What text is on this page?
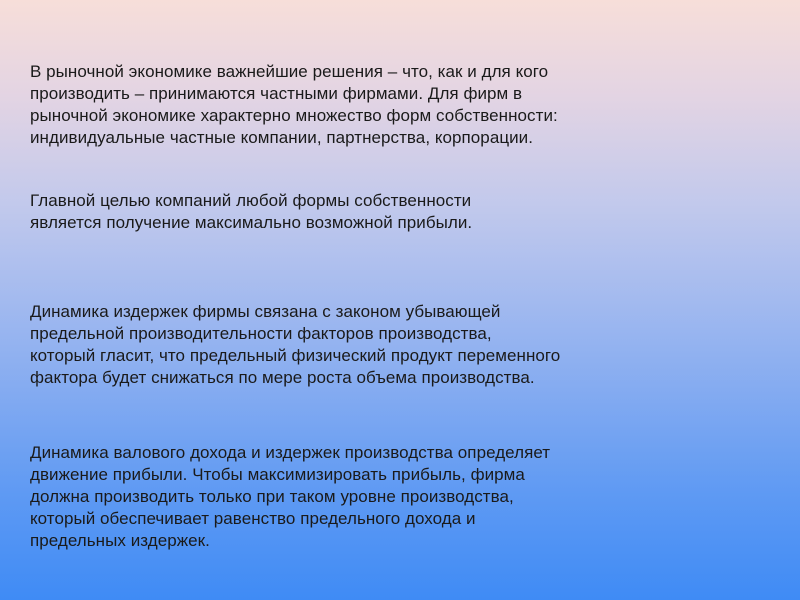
В рыночной экономике важнейшие решения – что, как и для кого
производить – принимаются частными фирмами. Для фирм в
рыночной экономике характерно множество форм собственности:
индивидуальные частные компании, партнерства, корпорации.

Главной целью компаний любой формы собственности
является получение максимально возможной прибыли.

Динамика издержек фирмы связана с законом убывающей
предельной производительности факторов производства,
который гласит, что предельный физический продукт переменного
фактора будет снижаться по мере роста объема производства.

Динамика валового дохода и издержек производства определяет
движение прибыли. Чтобы максимизировать прибыль, фирма
должна производить только при таком уровне производства,
который обеспечивает равенство предельного дохода и
предельных издержек.
